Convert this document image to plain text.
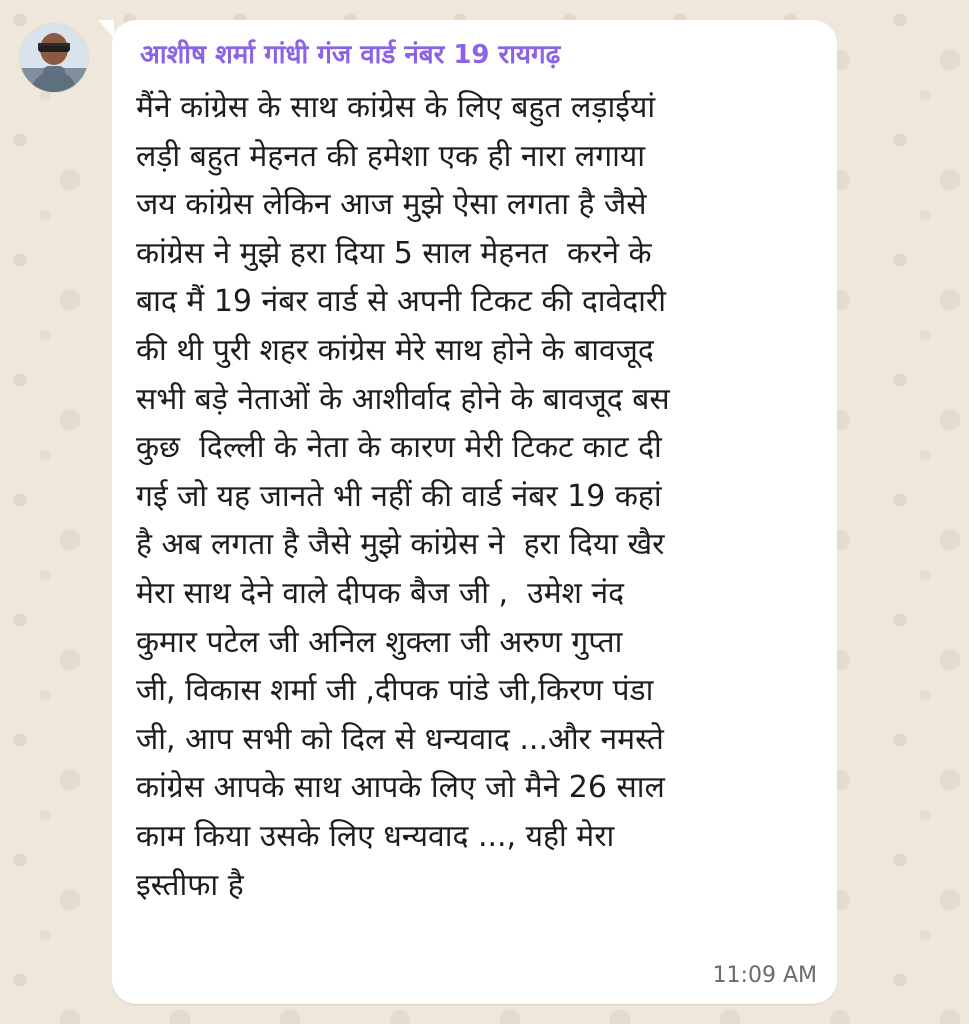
आशीष शर्मा गांधी गंज वार्ड नंबर 19 रायगढ़
मैंने कांग्रेस के साथ कांग्रेस के लिए बहुत लड़ाईयां
लड़ी बहुत मेहनत की हमेशा एक ही नारा लगाया
जय कांग्रेस लेकिन आज मुझे ऐसा लगता है जैसे
कांग्रेस ने मुझे हरा दिया 5 साल मेहनत  करने के
बाद मैं 19 नंबर वार्ड से अपनी टिकट की दावेदारी
की थी पुरी शहर कांग्रेस मेरे साथ होने के बावजूद
सभी बड़े नेताओं के आशीर्वाद होने के बावजूद बस
कुछ  दिल्ली के नेता के कारण मेरी टिकट काट दी
गई जो यह जानते भी नहीं की वार्ड नंबर 19 कहां
है अब लगता है जैसे मुझे कांग्रेस ने  हरा दिया खैर
मेरा साथ देने वाले दीपक बैज जी ,  उमेश नंद
कुमार पटेल जी अनिल शुक्ला जी अरुण गुप्ता
जी, विकास शर्मा जी ,दीपक पांडे जी,किरण पंडा
जी, आप सभी को दिल से धन्यवाद ...और नमस्ते
कांग्रेस आपके साथ आपके लिए जो मैने 26 साल
काम किया उसके लिए धन्यवाद ..., यही मेरा
इस्तीफा है
11:09 AM
